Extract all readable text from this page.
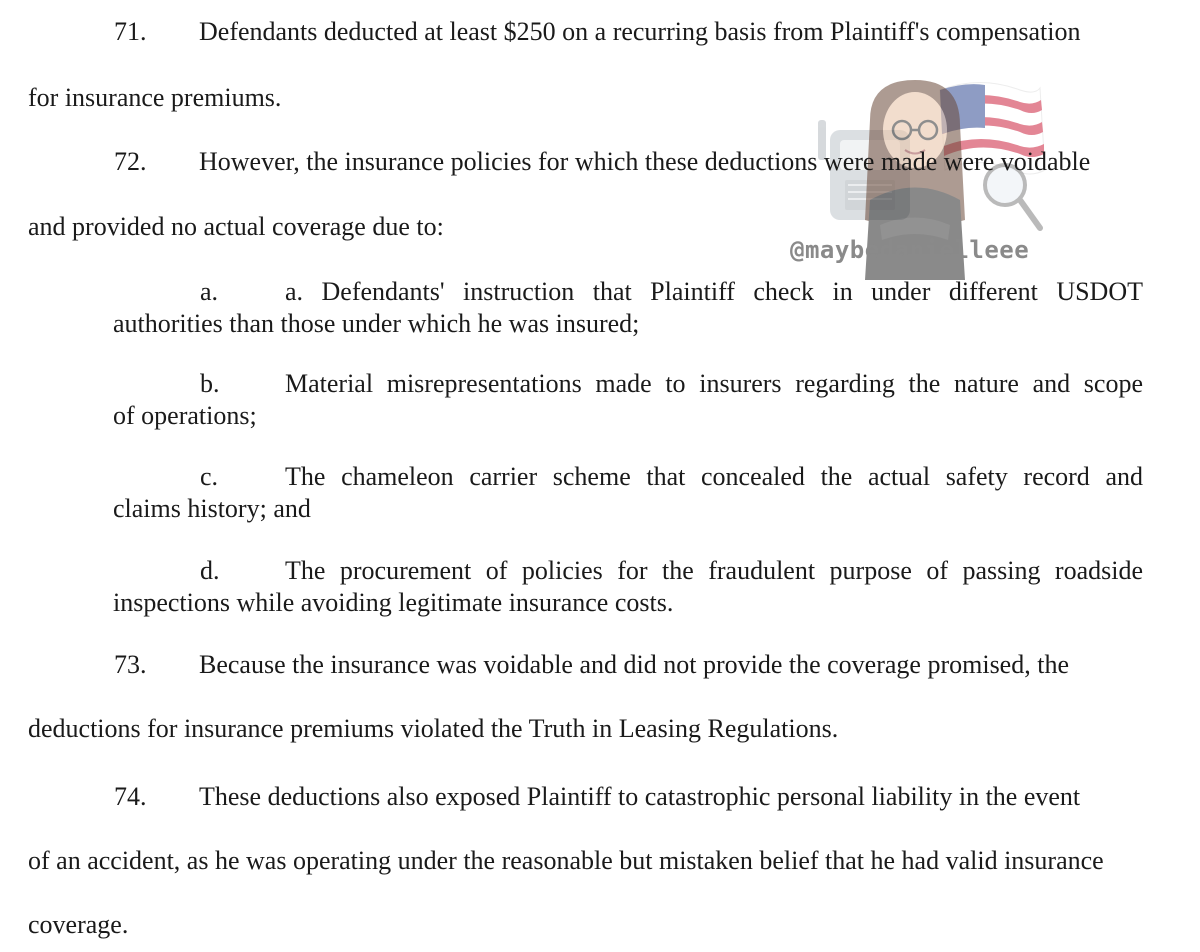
@maybedanielleee
71. Defendants deducted at least $250 on a recurring basis from Plaintiff's compensation
for insurance premiums.
72. However, the insurance policies for which these deductions were made were voidable
and provided no actual coverage due to:
a.	a. Defendants' instruction that Plaintiff check in under different USDOT
authorities than those under which he was insured;
b.	Material misrepresentations made to insurers regarding the nature and scope
of operations;
c.	The chameleon carrier scheme that concealed the actual safety record and
claims history; and
d.	The procurement of policies for the fraudulent purpose of passing roadside
inspections while avoiding legitimate insurance costs.
73. Because the insurance was voidable and did not provide the coverage promised, the
deductions for insurance premiums violated the Truth in Leasing Regulations.
74. These deductions also exposed Plaintiff to catastrophic personal liability in the event
of an accident, as he was operating under the reasonable but mistaken belief that he had valid insurance
coverage.
